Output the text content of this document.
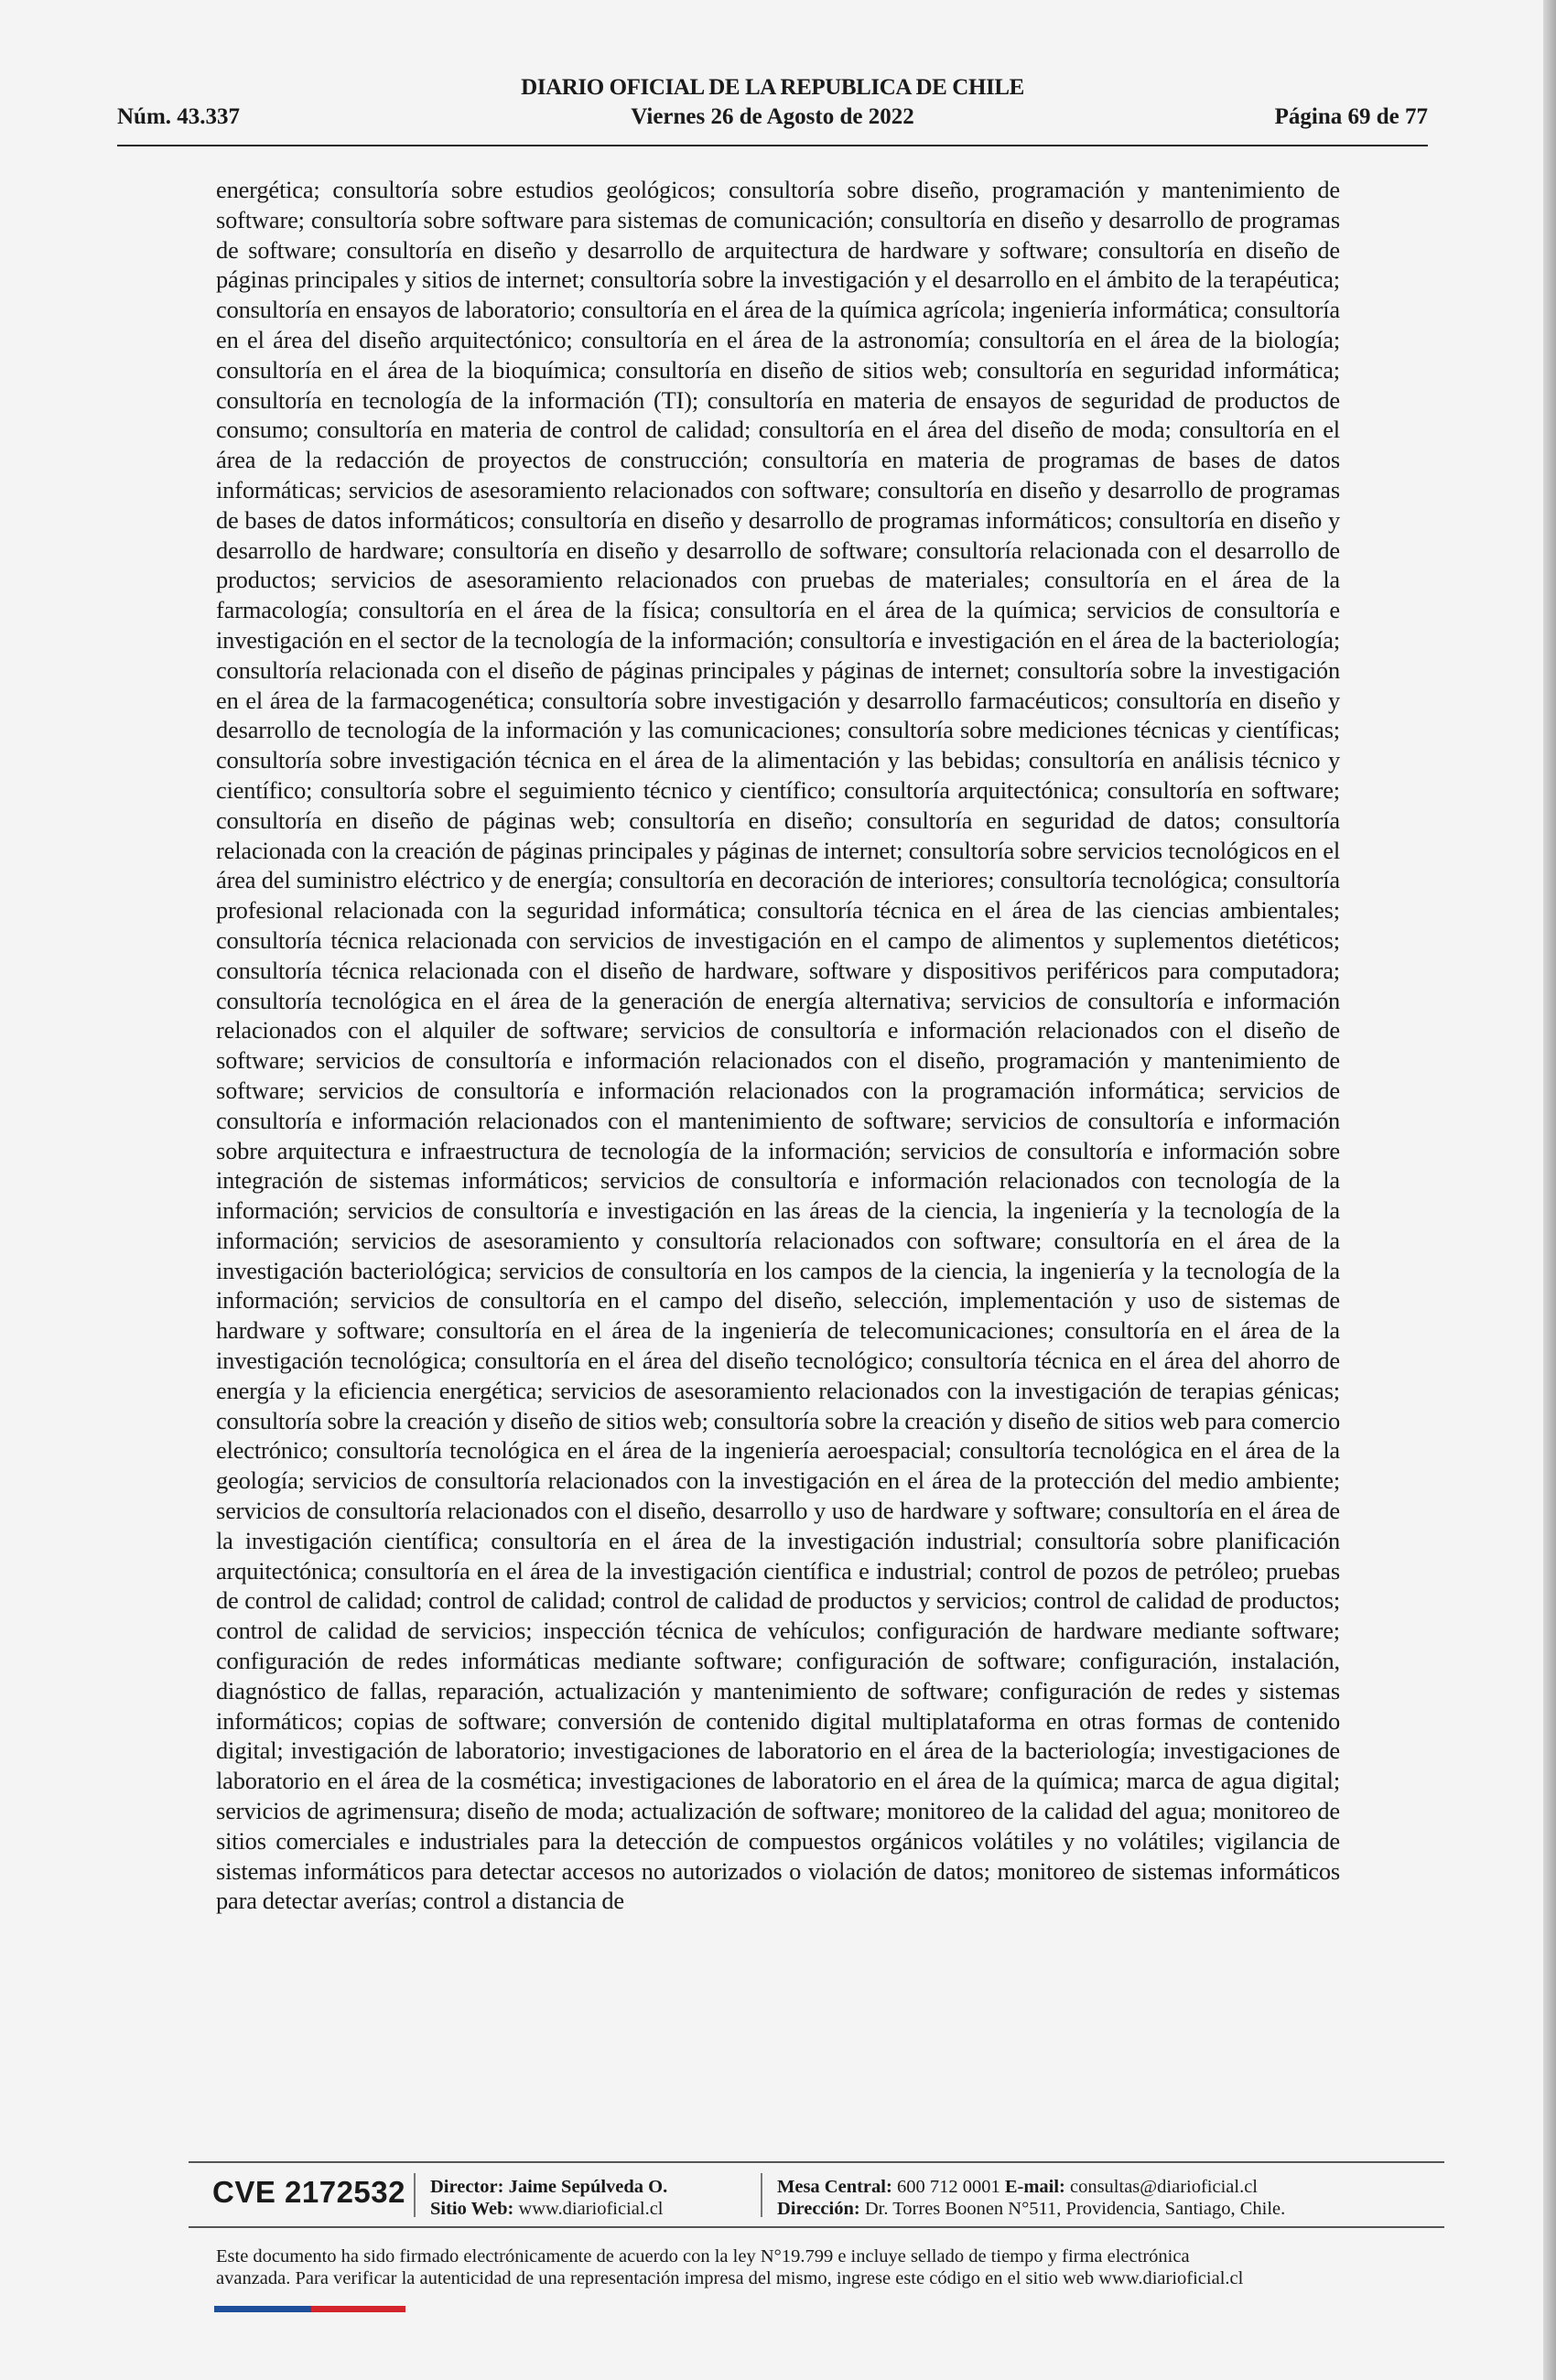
DIARIO OFICIAL DE LA REPUBLICA DE CHILE
Núm. 43.337	Viernes 26 de Agosto de 2022	Página 69 de 77
energética; consultoría sobre estudios geológicos; consultoría sobre diseño, programación y mantenimiento de software; consultoría sobre software para sistemas de comunicación; consultoría en diseño y desarrollo de programas de software; consultoría en diseño y desarrollo de arquitectura de hardware y software; consultoría en diseño de páginas principales y sitios de internet; consultoría sobre la investigación y el desarrollo en el ámbito de la terapéutica; consultoría en ensayos de laboratorio; consultoría en el área de la química agrícola; ingeniería informática; consultoría en el área del diseño arquitectónico; consultoría en el área de la astronomía; consultoría en el área de la biología; consultoría en el área de la bioquímica; consultoría en diseño de sitios web; consultoría en seguridad informática; consultoría en tecnología de la información (TI); consultoría en materia de ensayos de seguridad de productos de consumo; consultoría en materia de control de calidad; consultoría en el área del diseño de moda; consultoría en el área de la redacción de proyectos de construcción; consultoría en materia de programas de bases de datos informáticas; servicios de asesoramiento relacionados con software; consultoría en diseño y desarrollo de programas de bases de datos informáticos; consultoría en diseño y desarrollo de programas informáticos; consultoría en diseño y desarrollo de hardware; consultoría en diseño y desarrollo de software; consultoría relacionada con el desarrollo de productos; servicios de asesoramiento relacionados con pruebas de materiales; consultoría en el área de la farmacología; consultoría en el área de la física; consultoría en el área de la química; servicios de consultoría e investigación en el sector de la tecnología de la información; consultoría e investigación en el área de la bacteriología; consultoría relacionada con el diseño de páginas principales y páginas de internet; consultoría sobre la investigación en el área de la farmacogenética; consultoría sobre investigación y desarrollo farmacéuticos; consultoría en diseño y desarrollo de tecnología de la información y las comunicaciones; consultoría sobre mediciones técnicas y científicas; consultoría sobre investigación técnica en el área de la alimentación y las bebidas; consultoría en análisis técnico y científico; consultoría sobre el seguimiento técnico y científico; consultoría arquitectónica; consultoría en software; consultoría en diseño de páginas web; consultoría en diseño; consultoría en seguridad de datos; consultoría relacionada con la creación de páginas principales y páginas de internet; consultoría sobre servicios tecnológicos en el área del suministro eléctrico y de energía; consultoría en decoración de interiores; consultoría tecnológica; consultoría profesional relacionada con la seguridad informática; consultoría técnica en el área de las ciencias ambientales; consultoría técnica relacionada con servicios de investigación en el campo de alimentos y suplementos dietéticos; consultoría técnica relacionada con el diseño de hardware, software y dispositivos periféricos para computadora; consultoría tecnológica en el área de la generación de energía alternativa; servicios de consultoría e información relacionados con el alquiler de software; servicios de consultoría e información relacionados con el diseño de software; servicios de consultoría e información relacionados con el diseño, programación y mantenimiento de software; servicios de consultoría e información relacionados con la programación informática; servicios de consultoría e información relacionados con el mantenimiento de software; servicios de consultoría e información sobre arquitectura e infraestructura de tecnología de la información; servicios de consultoría e información sobre integración de sistemas informáticos; servicios de consultoría e información relacionados con tecnología de la información; servicios de consultoría e investigación en las áreas de la ciencia, la ingeniería y la tecnología de la información; servicios de asesoramiento y consultoría relacionados con software; consultoría en el área de la investigación bacteriológica; servicios de consultoría en los campos de la ciencia, la ingeniería y la tecnología de la información; servicios de consultoría en el campo del diseño, selección, implementación y uso de sistemas de hardware y software; consultoría en el área de la ingeniería de telecomunicaciones; consultoría en el área de la investigación tecnológica; consultoría en el área del diseño tecnológico; consultoría técnica en el área del ahorro de energía y la eficiencia energética; servicios de asesoramiento relacionados con la investigación de terapias génicas; consultoría sobre la creación y diseño de sitios web; consultoría sobre la creación y diseño de sitios web para comercio electrónico; consultoría tecnológica en el área de la ingeniería aeroespacial; consultoría tecnológica en el área de la geología; servicios de consultoría relacionados con la investigación en el área de la protección del medio ambiente; servicios de consultoría relacionados con el diseño, desarrollo y uso de hardware y software; consultoría en el área de la investigación científica; consultoría en el área de la investigación industrial; consultoría sobre planificación arquitectónica; consultoría en el área de la investigación científica e industrial; control de pozos de petróleo; pruebas de control de calidad; control de calidad; control de calidad de productos y servicios; control de calidad de productos; control de calidad de servicios; inspección técnica de vehículos; configuración de hardware mediante software; configuración de redes informáticas mediante software; configuración de software; configuración, instalación, diagnóstico de fallas, reparación, actualización y mantenimiento de software; configuración de redes y sistemas informáticos; copias de software; conversión de contenido digital multiplataforma en otras formas de contenido digital; investigación de laboratorio; investigaciones de laboratorio en el área de la bacteriología; investigaciones de laboratorio en el área de la cosmética; investigaciones de laboratorio en el área de la química; marca de agua digital; servicios de agrimensura; diseño de moda; actualización de software; monitoreo de la calidad del agua; monitoreo de sitios comerciales e industriales para la detección de compuestos orgánicos volátiles y no volátiles; vigilancia de sistemas informáticos para detectar accesos no autorizados o violación de datos; monitoreo de sistemas informáticos para detectar averías; control a distancia de
CVE 2172532 Director: Jaime Sepúlveda O.
Sitio Web: www.diarioficial.cl
Mesa Central: 600 712 0001 E-mail: consultas@diarioficial.cl
Dirección: Dr. Torres Boonen N°511, Providencia, Santiago, Chile.
Este documento ha sido firmado electrónicamente de acuerdo con la ley N°19.799 e incluye sellado de tiempo y firma electrónica
avanzada. Para verificar la autenticidad de una representación impresa del mismo, ingrese este código en el sitio web www.diarioficial.cl
